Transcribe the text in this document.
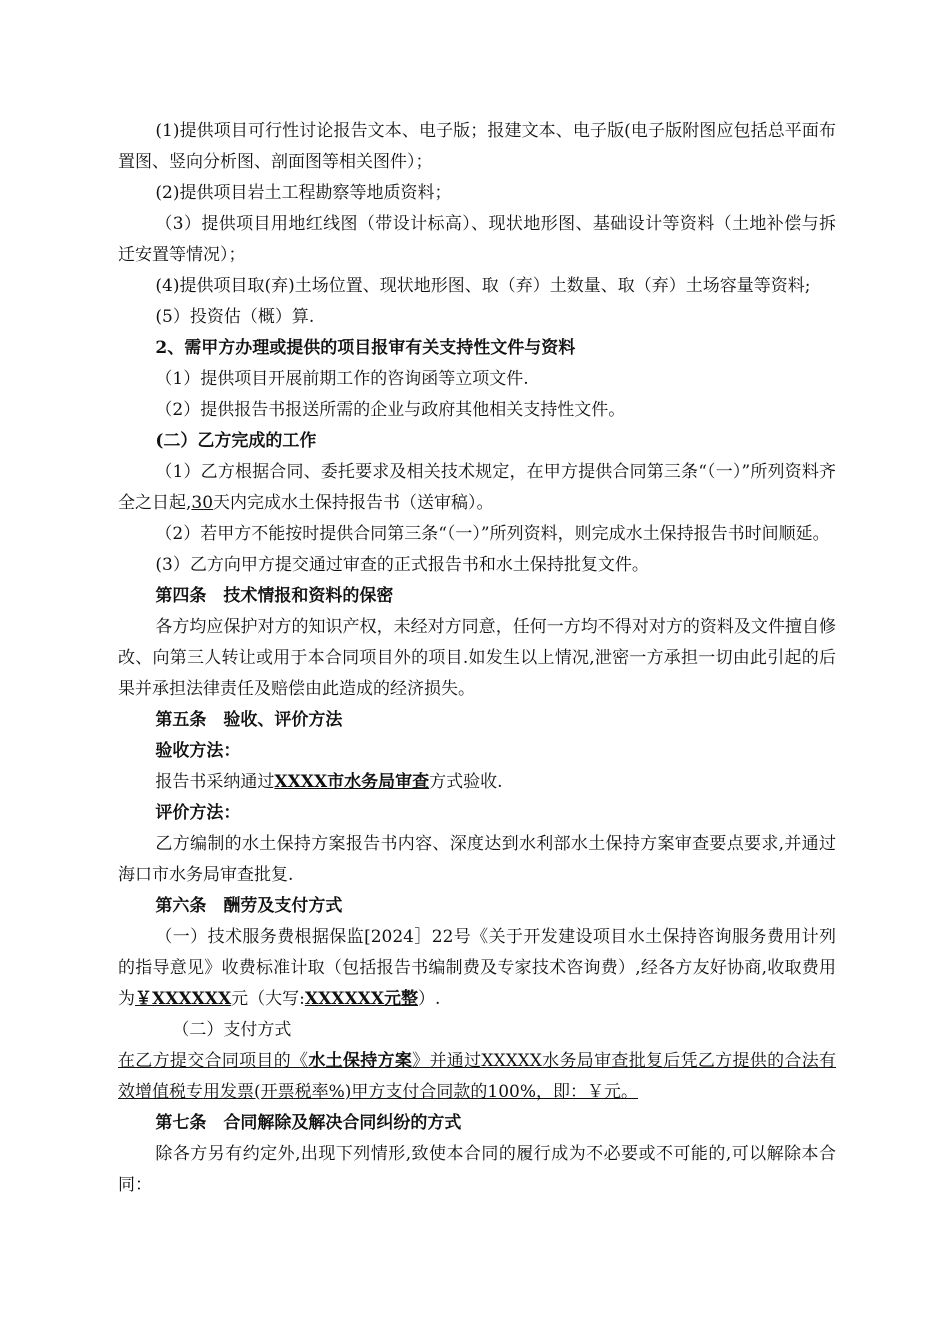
(1)提供项目可行性讨论报告文本、电子版；报建文本、电子版(电子版附图应包括总平面布置图、竖向分析图、剖面图等相关图件）；

(2)提供项目岩土工程勘察等地质资料；

（3）提供项目用地红线图（带设计标高）、现状地形图、基础设计等资料（土地补偿与拆迁安置等情况）；

(4)提供项目取(弃)土场位置、现状地形图、取（弃）土数量、取（弃）土场容量等资料;

(5）投资估（概）算.

2、需甲方办理或提供的项目报审有关支持性文件与资料

（1）提供项目开展前期工作的咨询函等立项文件.

（2）提供报告书报送所需的企业与政府其他相关支持性文件。

(二）乙方完成的工作

（1）乙方根据合同、委托要求及相关技术规定，在甲方提供合同第三条“（一）”所列资料齐全之日起,30天内完成水土保持报告书（送审稿）。

（2）若甲方不能按时提供合同第三条“（一）”所列资料，则完成水土保持报告书时间顺延。

(3）乙方向甲方提交通过审查的正式报告书和水土保持批复文件。

第四条　技术情报和资料的保密

各方均应保护对方的知识产权，未经对方同意，任何一方均不得对对方的资料及文件擅自修改、向第三人转让或用于本合同项目外的项目.如发生以上情况,泄密一方承担一切由此引起的后果并承担法律责任及赔偿由此造成的经济损失。

第五条　验收、评价方法

验收方法：

报告书采纳通过XXXX市水务局审查方式验收.

评价方法：

乙方编制的水土保持方案报告书内容、深度达到水利部水土保持方案审查要点要求,并通过海口市水务局审查批复.

第六条　酬劳及支付方式

（一）技术服务费根据保监[2024］22号《关于开发建设项目水土保持咨询服务费用计列的指导意见》收费标准计取（包括报告书编制费及专家技术咨询费）,经各方友好协商,收取费用为￥XXXXXX元（大写:XXXXXX元整）.

（二）支付方式

在乙方提交合同项目的《水土保持方案》并通过XXXXX水务局审查批复后凭乙方提供的合法有效增值税专用发票(开票税率%)甲方支付合同款的100%，即：￥元。

第七条　合同解除及解决合同纠纷的方式

除各方另有约定外,出现下列情形,致使本合同的履行成为不必要或不可能的,可以解除本合同：
